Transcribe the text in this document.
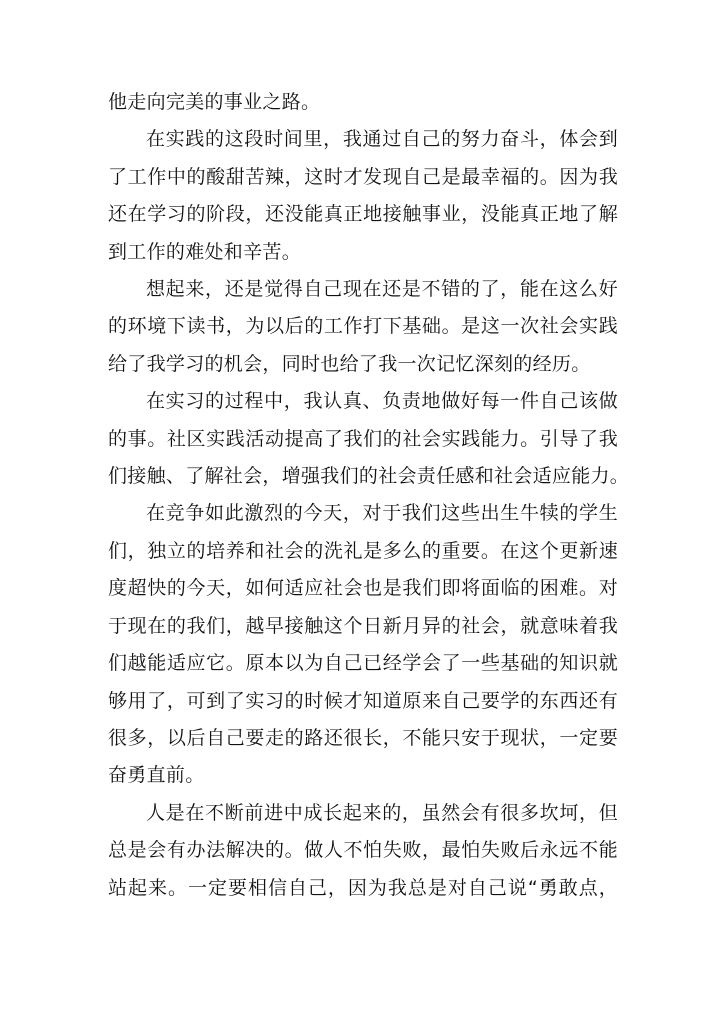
他走向完美的事业之路。
在实践的这段时间里，我通过自己的努力奋斗，体会到
了工作中的酸甜苦辣，这时才发现自己是最幸福的。因为我
还在学习的阶段，还没能真正地接触事业，没能真正地了解
到工作的难处和辛苦。
想起来，还是觉得自己现在还是不错的了，能在这么好
的环境下读书，为以后的工作打下基础。是这一次社会实践
给了我学习的机会，同时也给了我一次记忆深刻的经历。
在实习的过程中，我认真、负责地做好每一件自己该做
的事。社区实践活动提高了我们的社会实践能力。引导了我
们接触、了解社会，增强我们的社会责任感和社会适应能力。
在竞争如此激烈的今天，对于我们这些出生牛犊的学生
们，独立的培养和社会的洗礼是多么的重要。在这个更新速
度超快的今天，如何适应社会也是我们即将面临的困难。对
于现在的我们，越早接触这个日新月异的社会，就意味着我
们越能适应它。原本以为自己已经学会了一些基础的知识就
够用了，可到了实习的时候才知道原来自己要学的东西还有
很多，以后自己要走的路还很长，不能只安于现状，一定要
奋勇直前。
人是在不断前进中成长起来的，虽然会有很多坎坷，但
总是会有办法解决的。做人不怕失败，最怕失败后永远不能
站起来。一定要相信自己，因为我总是对自己说“勇敢点，
